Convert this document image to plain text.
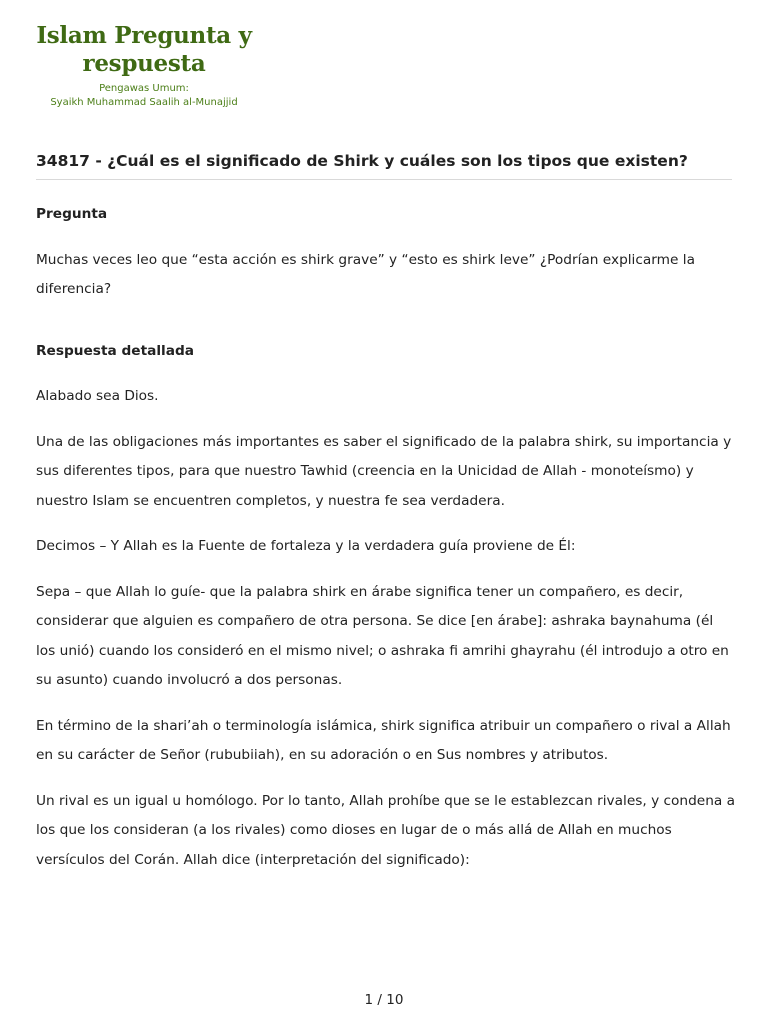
Islam Pregunta y respuesta
Pengawas Umum:
Syaikh Muhammad Saalih al-Munajjid
34817 - ¿Cuál es el significado de Shirk y cuáles son los tipos que existen?

Pregunta

Muchas veces leo que “esta acción es shirk grave” y “esto es shirk leve” ¿Podrían explicarme la diferencia?

Respuesta detallada

Alabado sea Dios.

Una de las obligaciones más importantes es saber el significado de la palabra shirk, su importancia y sus diferentes tipos, para que nuestro Tawhid (creencia en la Unicidad de Allah - monoteísmo) y nuestro Islam se encuentren completos, y nuestra fe sea verdadera.

Decimos – Y Allah es la Fuente de fortaleza y la verdadera guía proviene de Él:

Sepa – que Allah lo guíe- que la palabra shirk en árabe significa tener un compañero, es decir, considerar que alguien es compañero de otra persona. Se dice [en árabe]: ashraka baynahuma (él los unió) cuando los consideró en el mismo nivel; o ashraka fi amrihi ghayrahu (él introdujo a otro en su asunto) cuando involucró a dos personas.

En término de la shari’ah o terminología islámica, shirk significa atribuir un compañero o rival a Allah en su carácter de Señor (rububiiah), en su adoración o en Sus nombres y atributos.

Un rival es un igual u homólogo. Por lo tanto, Allah prohíbe que se le establezcan rivales, y condena a los que los consideran (a los rivales) como dioses en lugar de o más allá de Allah en muchos versículos del Corán. Allah dice (interpretación del significado):

1 / 10
